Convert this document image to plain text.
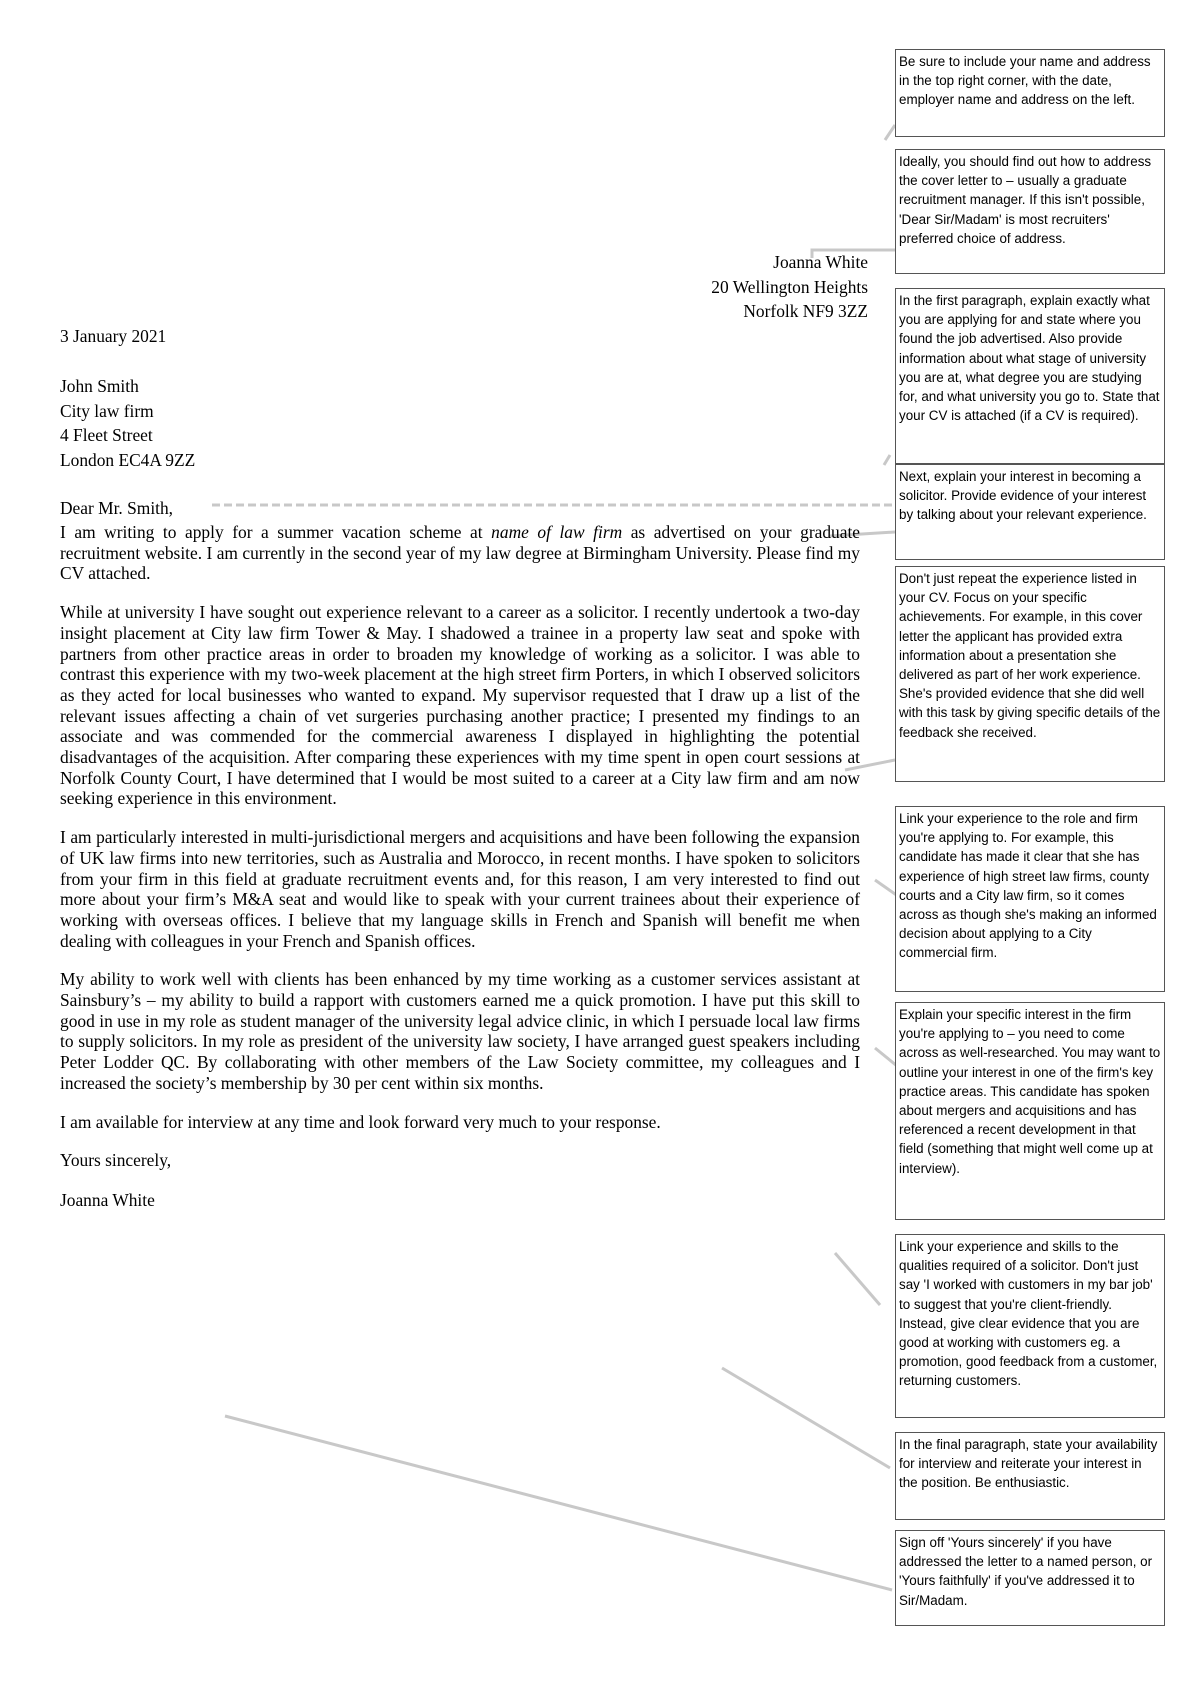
Joanna White
20 Wellington Heights
Norfolk NF9 3ZZ
3 January 2021
John Smith
City law firm
4 Fleet Street
London EC4A 9ZZ
Dear Mr. Smith,

I am writing to apply for a summer vacation scheme at name of law firm as advertised on your graduate recruitment website. I am currently in the second year of my law degree at Birmingham University. Please find my CV attached.

While at university I have sought out experience relevant to a career as a solicitor. I recently undertook a two-day insight placement at City law firm Tower & May. I shadowed a trainee in a property law seat and spoke with partners from other practice areas in order to broaden my knowledge of working as a solicitor. I was able to contrast this experience with my two-week placement at the high street firm Porters, in which I observed solicitors as they acted for local businesses who wanted to expand. My supervisor requested that I draw up a list of the relevant issues affecting a chain of vet surgeries purchasing another practice; I presented my findings to an associate and was commended for the commercial awareness I displayed in highlighting the potential disadvantages of the acquisition. After comparing these experiences with my time spent in open court sessions at Norfolk County Court, I have determined that I would be most suited to a career at a City law firm and am now seeking experience in this environment.

I am particularly interested in multi-jurisdictional mergers and acquisitions and have been following the expansion of UK law firms into new territories, such as Australia and Morocco, in recent months. I have spoken to solicitors from your firm in this field at graduate recruitment events and, for this reason, I am very interested to find out more about your firm’s M&A seat and would like to speak with your current trainees about their experience of working with overseas offices. I believe that my language skills in French and Spanish will benefit me when dealing with colleagues in your French and Spanish offices.

My ability to work well with clients has been enhanced by my time working as a customer services assistant at Sainsbury’s – my ability to build a rapport with customers earned me a quick promotion. I have put this skill to good in use in my role as student manager of the university legal advice clinic, in which I persuade local law firms to supply solicitors. In my role as president of the university law society, I have arranged guest speakers including Peter Lodder QC. By collaborating with other members of the Law Society committee, my colleagues and I increased the society’s membership by 30 per cent within six months.

I am available for interview at any time and look forward very much to your response.

Yours sincerely,

Joanna White

Be sure to include your name and address in the top right corner, with the date, employer name and address on the left.
Ideally, you should find out how to address the cover letter to – usually a graduate recruitment manager. If this isn't possible, 'Dear Sir/Madam' is most recruiters' preferred choice of address.
In the first paragraph, explain exactly what you are applying for and state where you found the job advertised. Also provide information about what stage of university you are at, what degree you are studying for, and what university you go to. State that your CV is attached (if a CV is required).
Next, explain your interest in becoming a solicitor. Provide evidence of your interest by talking about your relevant experience.
Don't just repeat the experience listed in your CV. Focus on your specific achievements. For example, in this cover letter the applicant has provided extra information about a presentation she delivered as part of her work experience. She's provided evidence that she did well with this task by giving specific details of the feedback she received.
Link your experience to the role and firm you're applying to. For example, this candidate has made it clear that she has experience of high street law firms, county courts and a City law firm, so it comes across as though she's making an informed decision about applying to a City commercial firm.
Explain your specific interest in the firm you're applying to – you need to come across as well-researched. You may want to outline your interest in one of the firm's key practice areas. This candidate has spoken about mergers and acquisitions and has referenced a recent development in that field (something that might well come up at interview).
Link your experience and skills to the qualities required of a solicitor. Don't just say 'I worked with customers in my bar job' to suggest that you're client-friendly. Instead, give clear evidence that you are good at working with customers eg. a promotion, good feedback from a customer, returning customers.
In the final paragraph, state your availability for interview and reiterate your interest in the position. Be enthusiastic.
Sign off 'Yours sincerely' if you have addressed the letter to a named person, or 'Yours faithfully' if you've addressed it to Sir/Madam.
